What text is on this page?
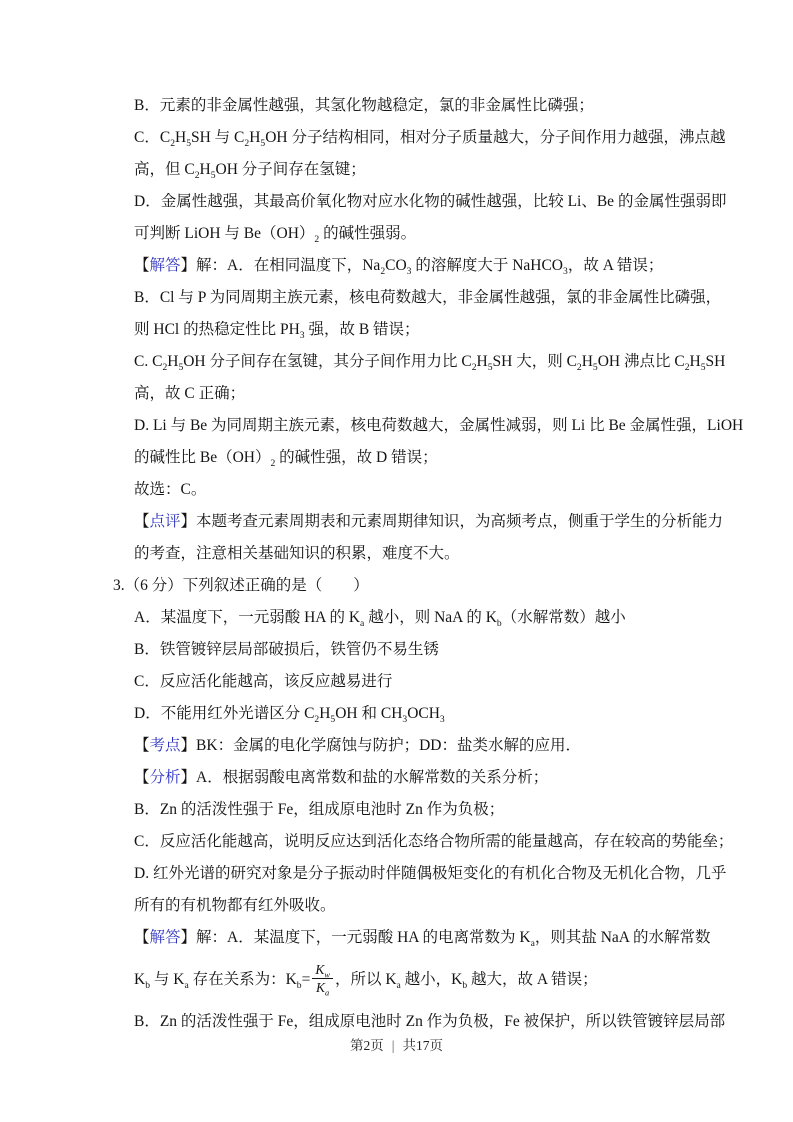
B．元素的非金属性越强，其氢化物越稳定，氯的非金属性比磷强；
C．$C_2H_5SH$ 与 $C_2H_5OH$ 分子结构相同，相对分子质量越大，分子间作用力越强，沸点越
高，但 $C_2H_5OH$ 分子间存在氢键；
D．金属性越强，其最高价氧化物对应水化物的碱性越强，比较 Li、Be 的金属性强弱即
可判断 LiOH 与 $Be(OH)_2$ 的碱性强弱。
【解答】解：A．在相同温度下，$Na_2CO_3$ 的溶解度大于 NaHCO$_3$，故 A 错误；
B．Cl 与 P 为同周期主族元素，核电荷数越大，非金属性越强，氯的非金属性比磷强，
则 HCl 的热稳定性比 $PH_3$ 强，故 B 错误；
C. $C_2H_5OH$ 分子间存在氢键，其分子间作用力比 $C_2H_5SH$ 大，则 $C_2H_5OH$ 沸点比 $C_2H_5SH$
高，故 C 正确；
D. Li 与 Be 为同周期主族元素，核电荷数越大，金属性减弱，则 Li 比 Be 金属性强，LiOH
的碱性比 $Be(OH)_2$ 的碱性强，故 D 错误；
故选：C。
【点评】本题考查元素周期表和元素周期律知识，为高频考点，侧重于学生的分析能力
的考查，注意相关基础知识的积累，难度不大。
3.（6 分）下列叙述正确的是（　　）
A．某温度下，一元弱酸 HA 的 $K_a$ 越小，则 NaA 的 $K_b$（水解常数）越小
B．铁管镀锌层局部破损后，铁管仍不易生锈
C．反应活化能越高，该反应越易进行
D．不能用红外光谱区分 $C_2H_5OH$ 和 $CH_3OCH_3$
【考点】BK：金属的电化学腐蚀与防护；DD：盐类水解的应用．
【分析】A．根据弱酸电离常数和盐的水解常数的关系分析；
B．Zn 的活泼性强于 Fe，组成原电池时 Zn 作为负极；
C．反应活化能越高，说明反应达到活化态络合物所需的能量越高，存在较高的势能垒；
D. 红外光谱的研究对象是分子振动时伴随偶极矩变化的有机化合物及无机化合物，几乎
所有的有机物都有红外吸收。
【解答】解：A．某温度下，一元弱酸 HA 的电离常数为 $K_a$，则其盐 NaA 的水解常数
$K_b$ 与 $K_a$ 存在关系为：$K_b= \frac{K_w}{K_a}$ ，所以 $K_a$ 越小，$K_b$ 越大，故 A 错误；
B．Zn 的活泼性强于 Fe，组成原电池时 Zn 作为负极，Fe 被保护，所以铁管镀锌层局部
第2页 | 共17页
